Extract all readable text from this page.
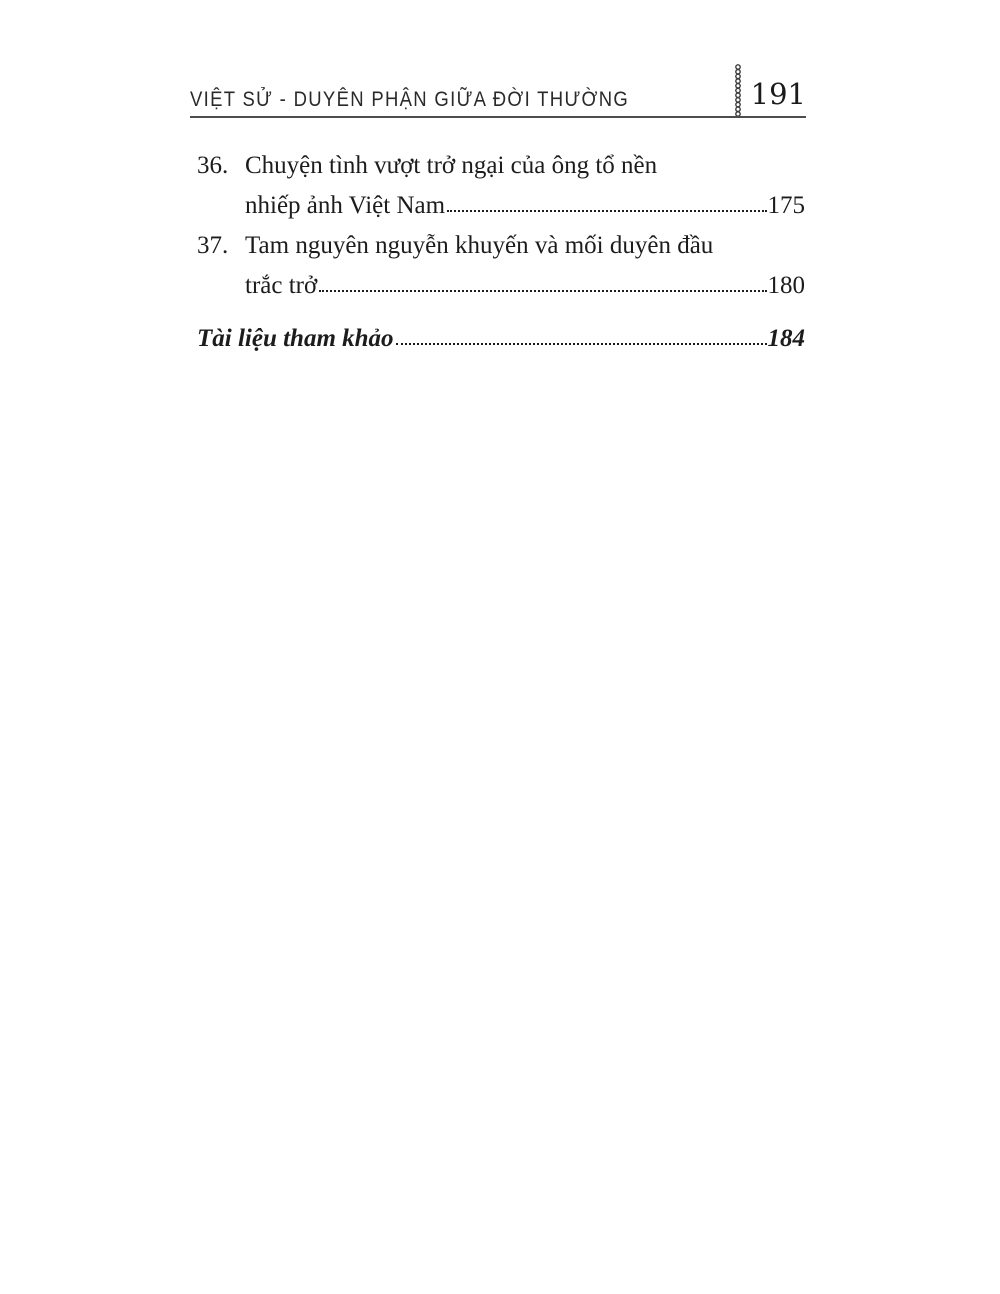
VIỆT SỬ - DUYÊN PHẬN GIỮA ĐỜI THƯỜNG	191
36. Chuyện tình vượt trở ngại của ông tổ nền
nhiếp ảnh Việt Nam	175
37. Tam nguyên nguyễn khuyến và mối duyên đầu
trắc trở	180
Tài liệu tham khảo	184
